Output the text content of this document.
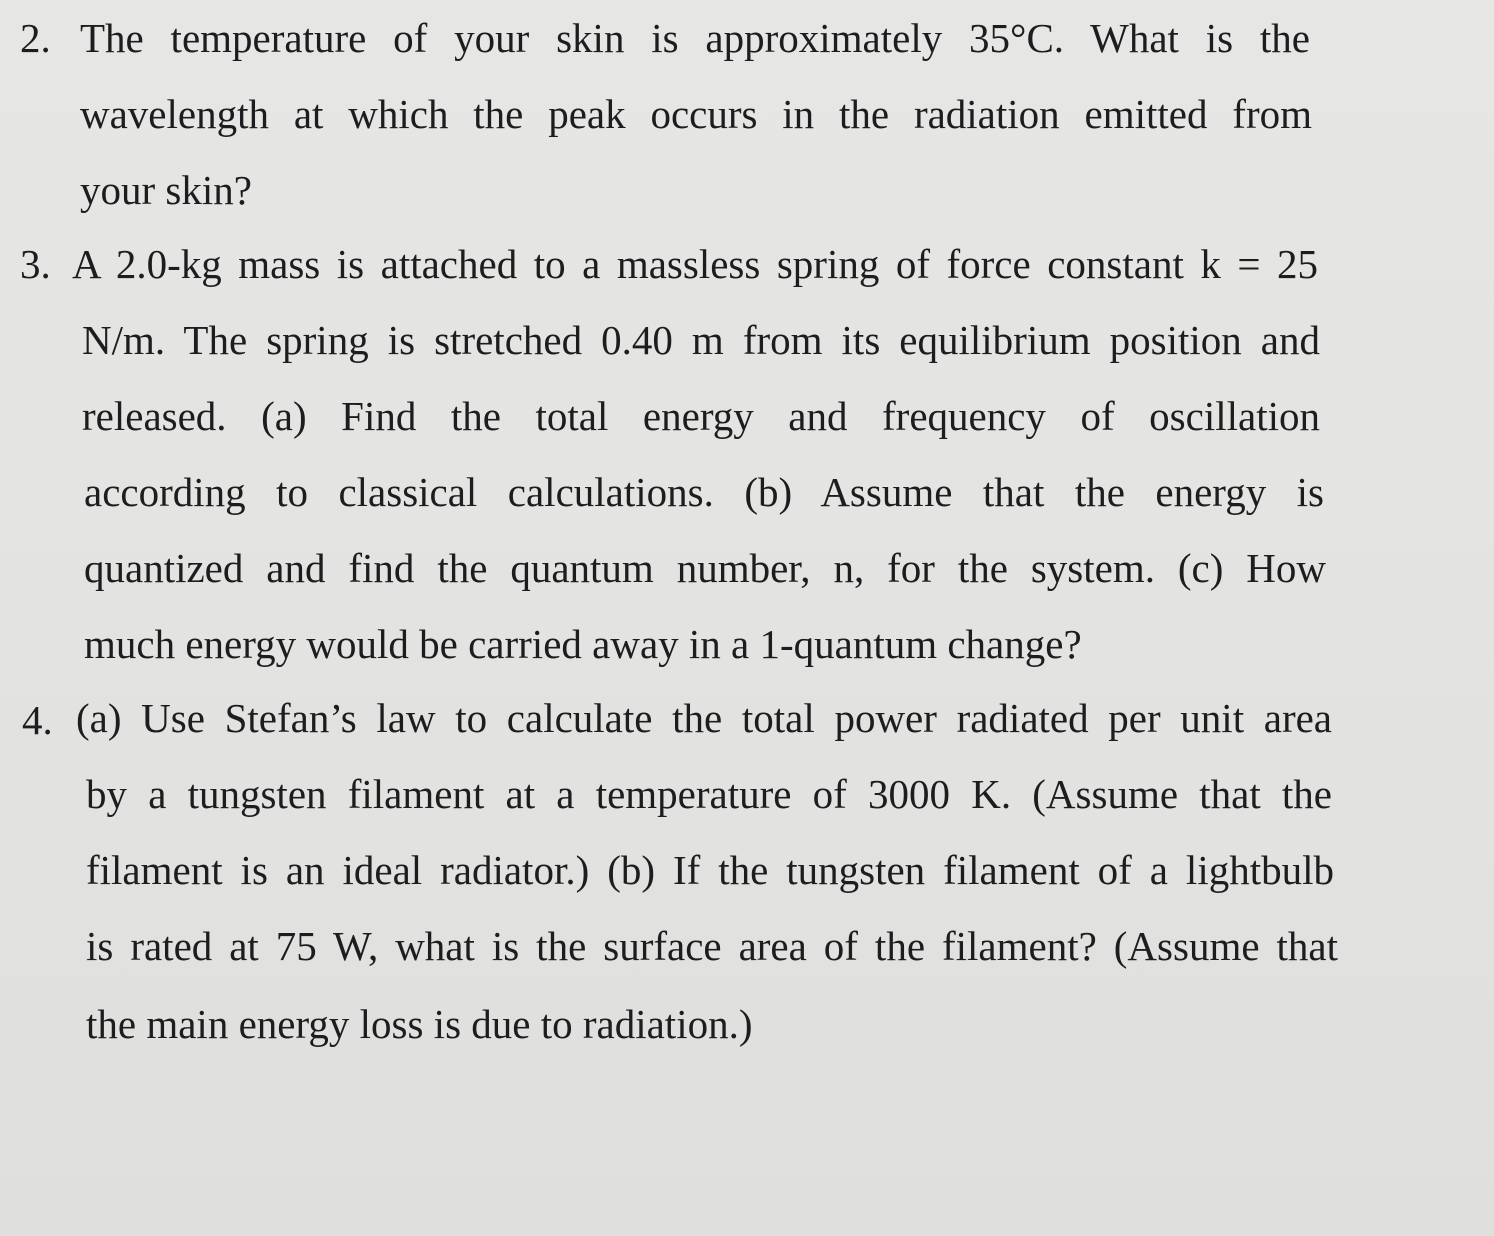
2. The temperature of your skin is approximately 35°C. What is the

wavelength at which the peak occurs in the radiation emitted from

your skin?

3. A 2.0-kg mass is attached to a massless spring of force constant k = 25

N/m. The spring is stretched 0.40 m from its equilibrium position and

released. (a) Find the total energy and frequency of oscillation

according to classical calculations. (b) Assume that the energy is

quantized and find the quantum number, n, for the system. (c) How

much energy would be carried away in a 1-quantum change?

4. (a) Use Stefan’s law to calculate the total power radiated per unit area

by a tungsten filament at a temperature of 3000 K. (Assume that the

filament is an ideal radiator.) (b) If the tungsten filament of a lightbulb

is rated at 75 W, what is the surface area of the filament? (Assume that

the main energy loss is due to radiation.)
